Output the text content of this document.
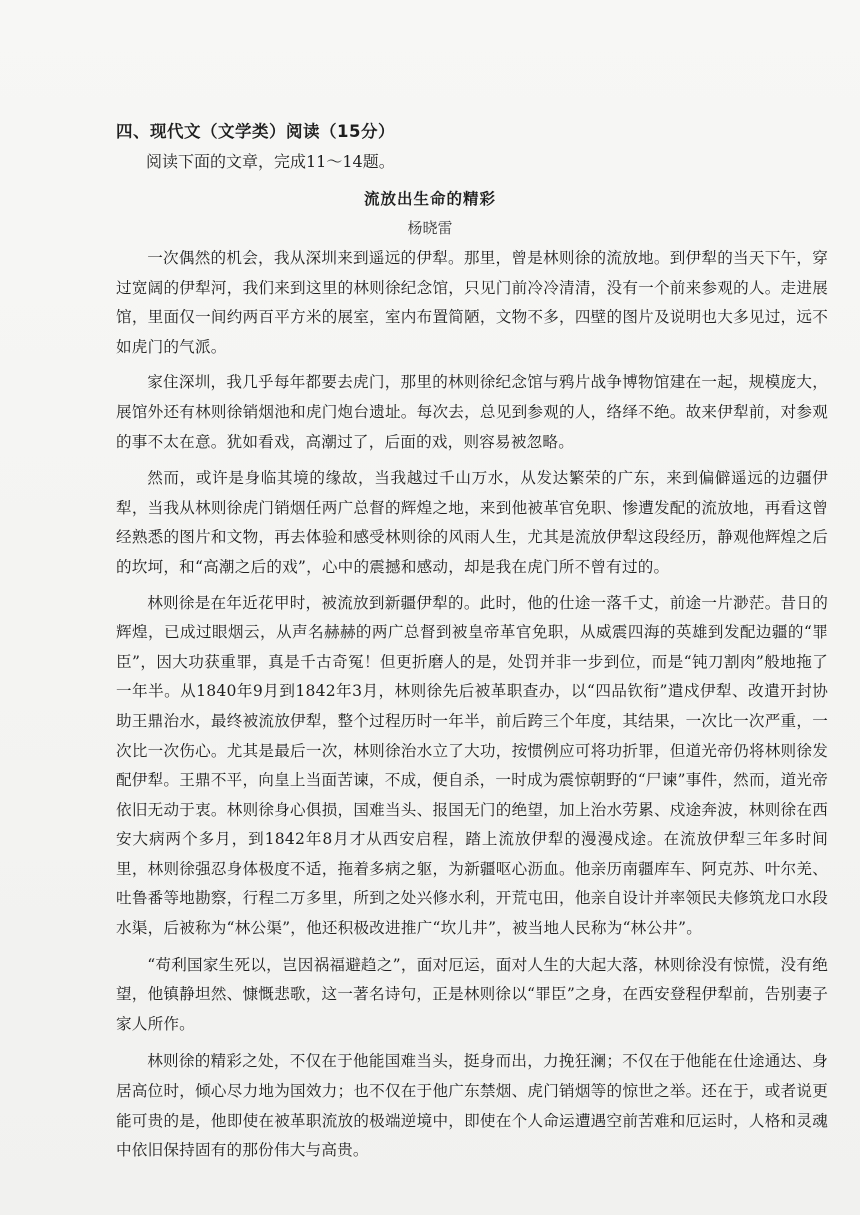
四、现代文（文学类）阅读（15分）
阅读下面的文章，完成11～14题。
流放出生命的精彩
杨晓雷

一次偶然的机会，我从深圳来到遥远的伊犁。那里，曾是林则徐的流放地。到伊犁的当天下午，穿过宽阔的伊犁河，我们来到这里的林则徐纪念馆，只见门前冷冷清清，没有一个前来参观的人。走进展馆，里面仅一间约两百平方米的展室，室内布置简陋，文物不多，四壁的图片及说明也大多见过，远不如虎门的气派。

家住深圳，我几乎每年都要去虎门，那里的林则徐纪念馆与鸦片战争博物馆建在一起，规模庞大，展馆外还有林则徐销烟池和虎门炮台遗址。每次去，总见到参观的人，络绎不绝。故来伊犁前，对参观的事不太在意。犹如看戏，高潮过了，后面的戏，则容易被忽略。

然而，或许是身临其境的缘故，当我越过千山万水，从发达繁荣的广东，来到偏僻遥远的边疆伊犁，当我从林则徐虎门销烟任两广总督的辉煌之地，来到他被革官免职、惨遭发配的流放地，再看这曾经熟悉的图片和文物，再去体验和感受林则徐的风雨人生，尤其是流放伊犁这段经历，静观他辉煌之后的坎坷，和“高潮之后的戏”，心中的震撼和感动，却是我在虎门所不曾有过的。

林则徐是在年近花甲时，被流放到新疆伊犁的。此时，他的仕途一落千丈，前途一片渺茫。昔日的辉煌，已成过眼烟云，从声名赫赫的两广总督到被皇帝革官免职，从威震四海的英雄到发配边疆的“罪臣”，因大功获重罪，真是千古奇冤！但更折磨人的是，处罚并非一步到位，而是“钝刀割肉”般地拖了一年半。从1840年9月到1842年3月，林则徐先后被革职查办，以“四品钦衔”遣戍伊犁、改遣开封协助王鼎治水，最终被流放伊犁，整个过程历时一年半，前后跨三个年度，其结果，一次比一次严重，一次比一次伤心。尤其是最后一次，林则徐治水立了大功，按惯例应可将功折罪，但道光帝仍将林则徐发配伊犁。王鼎不平，向皇上当面苦谏，不成，便自杀，一时成为震惊朝野的“尸谏”事件，然而，道光帝依旧无动于衷。林则徐身心俱损，国难当头、报国无门的绝望，加上治水劳累、戍途奔波，林则徐在西安大病两个多月，到1842年8月才从西安启程，踏上流放伊犁的漫漫戍途。在流放伊犁三年多时间里，林则徐强忍身体极度不适，拖着多病之躯，为新疆呕心沥血。他亲历南疆库车、阿克苏、叶尔羌、吐鲁番等地勘察，行程二万多里，所到之处兴修水利，开荒屯田，他亲自设计并率领民夫修筑龙口水段水渠，后被称为“林公渠”，他还积极改进推广“坎儿井”，被当地人民称为“林公井”。

“苟利国家生死以，岂因祸福避趋之”，面对厄运，面对人生的大起大落，林则徐没有惊慌，没有绝望，他镇静坦然、慷慨悲歌，这一著名诗句，正是林则徐以“罪臣”之身，在西安登程伊犁前，告别妻子家人所作。

林则徐的精彩之处，不仅在于他能国难当头，挺身而出，力挽狂澜；不仅在于他能在仕途通达、身居高位时，倾心尽力地为国效力；也不仅在于他广东禁烟、虎门销烟等的惊世之举。还在于，或者说更能可贵的是，他即使在被革职流放的极端逆境中，即使在个人命运遭遇空前苦难和厄运时，人格和灵魂中依旧保持固有的那份伟大与高贵。
